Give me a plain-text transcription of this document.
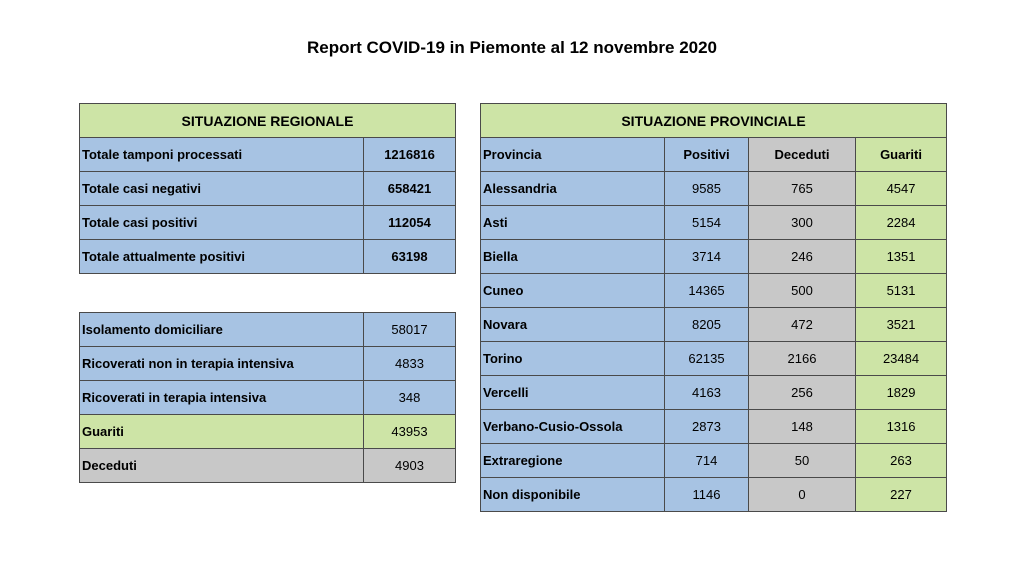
Report COVID-19 in Piemonte al 12 novembre 2020
SITUAZIONE REGIONALE	
Totale tamponi processati	1216816
Totale casi negativi	658421
Totale casi positivi	112054
Totale attualmente positivi	63198
Isolamento domiciliare	58017
Ricoverati non in terapia intensiva	4833
Ricoverati in terapia intensiva	348
Guariti	43953
Deceduti	4903
SITUAZIONE PROVINCIALE			
Provincia	Positivi	Deceduti	Guariti
Alessandria	9585	765	4547
Asti	5154	300	2284
Biella	3714	246	1351
Cuneo	14365	500	5131
Novara	8205	472	3521
Torino	62135	2166	23484
Vercelli	4163	256	1829
Verbano-Cusio-Ossola	2873	148	1316
Extraregione	714	50	263
Non disponibile	1146	0	227
